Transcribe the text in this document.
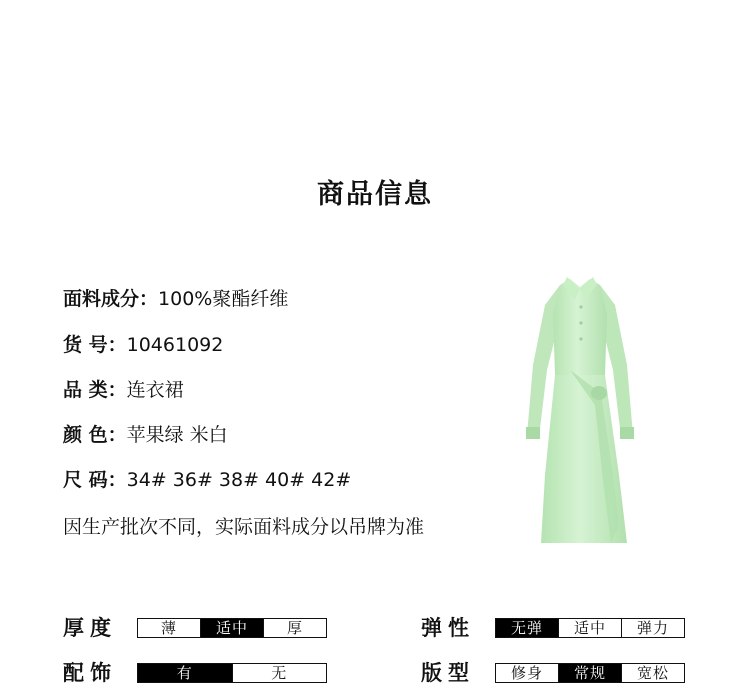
商品信息
面料成分：100%聚酯纤维
货 号：10461092
品 类：连衣裙
颜 色：苹果绿 米白
尺 码：34# 36# 38# 40# 42#
因生产批次不同，实际面料成分以吊牌为准
厚度	薄	适中	厚	弹性	无弹	适中	弹力
配饰	有	无	版型	修身	常规	宽松
